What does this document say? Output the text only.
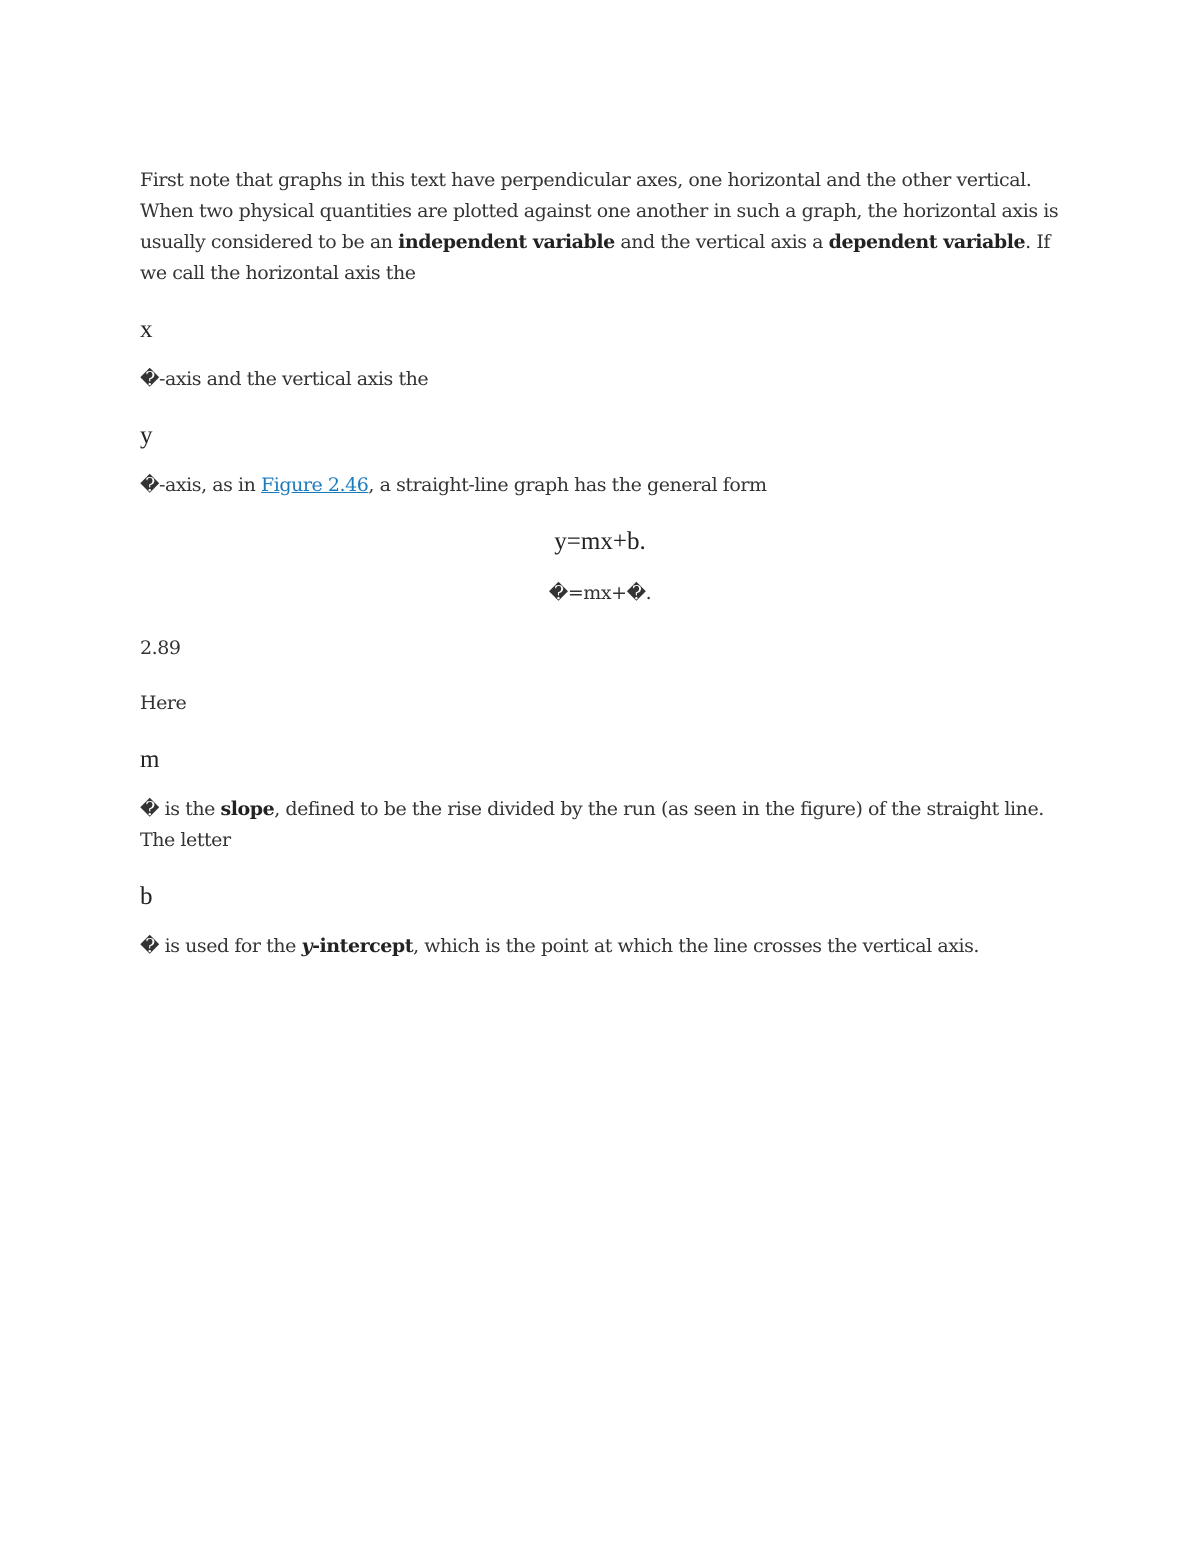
First note that graphs in this text have perpendicular axes, one horizontal and the other vertical. When two physical quantities are plotted against one another in such a graph, the horizontal axis is usually considered to be an independent variable and the vertical axis a dependent variable. If we call the horizontal axis the

x

�-axis and the vertical axis the

y

�-axis, as in Figure 2.46, a straight-line graph has the general form

y=mx+b.

�=mx+�.

2.89

Here

m

� is the slope, defined to be the rise divided by the run (as seen in the figure) of the straight line. The letter

b

� is used for the y-intercept, which is the point at which the line crosses the vertical axis.
